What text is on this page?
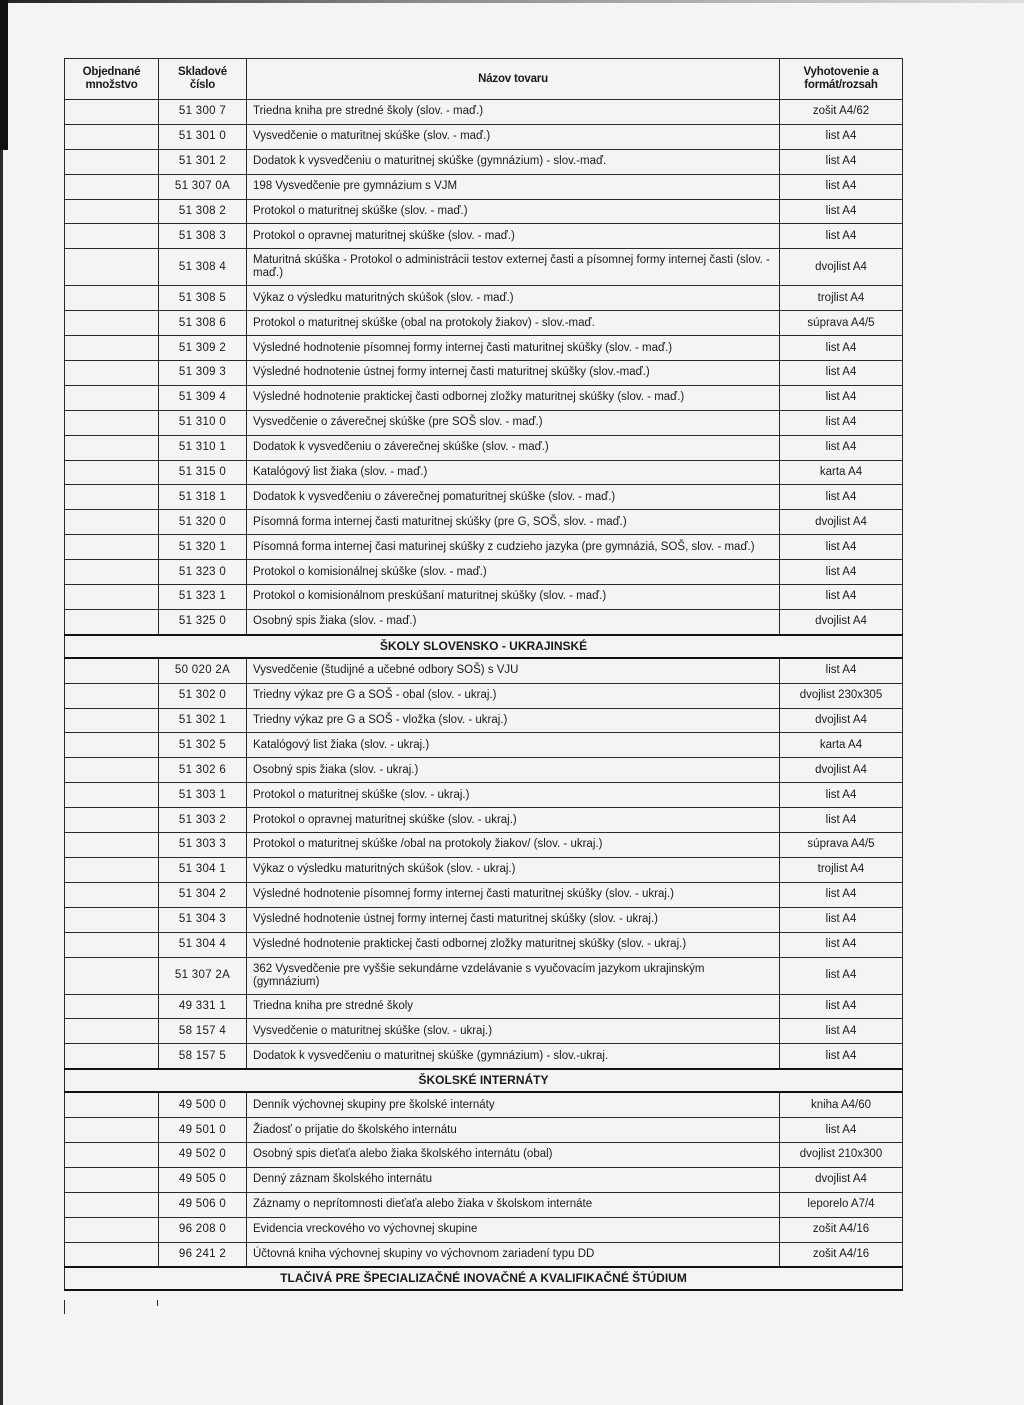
Objednané množstvo	Skladové číslo	Názov tovaru	Vyhotovenie a formát/rozsah
	51 300 7	Triedna kniha pre stredné školy (slov. - maď.)	zošit A4/62
	51 301 0	Vysvedčenie o maturitnej skúške (slov. - maď.)	list A4
	51 301 2	Dodatok k vysvedčeniu o maturitnej skúške (gymnázium) - slov.-maď.	list A4
	51 307 0A	198 Vysvedčenie pre gymnázium s VJM	list A4
	51 308 2	Protokol o maturitnej skúške (slov. - maď.)	list A4
	51 308 3	Protokol o opravnej maturitnej skúške (slov. - maď.)	list A4
	51 308 4	Maturitná skúška - Protokol o administrácii testov externej časti a písomnej formy internej časti (slov. - maď.)	dvojlist A4
	51 308 5	Výkaz o výsledku maturitných skúšok (slov. - maď.)	trojlist A4
	51 308 6	Protokol o maturitnej skúške (obal na protokoly žiakov) - slov.-maď.	súprava A4/5
	51 309 2	Výsledné hodnotenie písomnej formy internej časti maturitnej skúšky (slov. - maď.)	list A4
	51 309 3	Výsledné hodnotenie ústnej formy internej časti maturitnej skúšky (slov.-maď.)	list A4
	51 309 4	Výsledné hodnotenie praktickej časti odbornej zložky maturitnej skúšky (slov. - maď.)	list A4
	51 310 0	Vysvedčenie o záverečnej skúške (pre SOŠ slov. - maď.)	list A4
	51 310 1	Dodatok k vysvedčeniu o záverečnej skúške (slov. - maď.)	list A4
	51 315 0	Katalógový list žiaka (slov. - maď.)	karta A4
	51 318 1	Dodatok k vysvedčeniu o záverečnej pomaturitnej skúške (slov. - maď.)	list A4
	51 320 0	Písomná forma internej časti maturitnej skúšky (pre G, SOŠ, slov. - maď.)	dvojlist A4
	51 320 1	Písomná forma internej časi maturinej skúšky z cudzieho jazyka (pre gymnáziá, SOŠ, slov. - maď.)	list A4
	51 323 0	Protokol o komisionálnej skúške (slov. - maď.)	list A4
	51 323 1	Protokol o komisionálnom preskúšaní maturitnej skúšky (slov. - maď.)	list A4
	51 325 0	Osobný spis žiaka (slov. - maď.)	dvojlist A4
ŠKOLY SLOVENSKO - UKRAJINSKÉ			
	50 020 2A	Vysvedčenie (študijné a učebné odbory SOŠ) s VJU	list A4
	51 302 0	Triedny výkaz pre G a SOŠ - obal (slov. - ukraj.)	dvojlist 230x305
	51 302 1	Triedny výkaz pre G a SOŠ - vložka (slov. - ukraj.)	dvojlist A4
	51 302 5	Katalógový list žiaka (slov. - ukraj.)	karta A4
	51 302 6	Osobný spis žiaka (slov. - ukraj.)	dvojlist A4
	51 303 1	Protokol o maturitnej skúške (slov. - ukraj.)	list A4
	51 303 2	Protokol o opravnej maturitnej skúške (slov. - ukraj.)	list A4
	51 303 3	Protokol o maturitnej skúške /obal na protokoly žiakov/ (slov. - ukraj.)	súprava A4/5
	51 304 1	Výkaz o výsledku maturitných skúšok (slov. - ukraj.)	trojlist A4
	51 304 2	Výsledné hodnotenie písomnej formy internej časti maturitnej skúšky (slov. - ukraj.)	list A4
	51 304 3	Výsledné hodnotenie ústnej formy internej časti maturitnej skúšky (slov. - ukraj.)	list A4
	51 304 4	Výsledné hodnotenie praktickej časti odbornej zložky maturitnej skúšky (slov. - ukraj.)	list A4
	51 307 2A	362 Vysvedčenie pre vyššie sekundárne vzdelávanie s vyučovacím jazykom ukrajinským (gymnázium)	list A4
	49 331 1	Triedna kniha pre stredné školy	list A4
	58 157 4	Vysvedčenie o maturitnej skúške (slov. - ukraj.)	list A4
	58 157 5	Dodatok k vysvedčeniu o maturitnej skúške (gymnázium) - slov.-ukraj.	list A4
ŠKOLSKÉ INTERNÁTY			
	49 500 0	Denník výchovnej skupiny pre školské internáty	kniha A4/60
	49 501 0	Žiadosť o prijatie do školského internátu	list A4
	49 502 0	Osobný spis dieťaťa alebo žiaka školského internátu (obal)	dvojlist 210x300
	49 505 0	Denný záznam školského internátu	dvojlist A4
	49 506 0	Záznamy o neprítomnosti dieťaťa alebo žiaka v školskom internáte	leporelo A7/4
	96 208 0	Evidencia vreckového vo výchovnej skupine	zošit A4/16
	96 241 2	Účtovná kniha výchovnej skupiny vo výchovnom zariadení typu DD	zošit A4/16
TLAČIVÁ PRE ŠPECIALIZAČNÉ INOVAČNÉ A KVALIFIKAČNÉ ŠTÚDIUM			
